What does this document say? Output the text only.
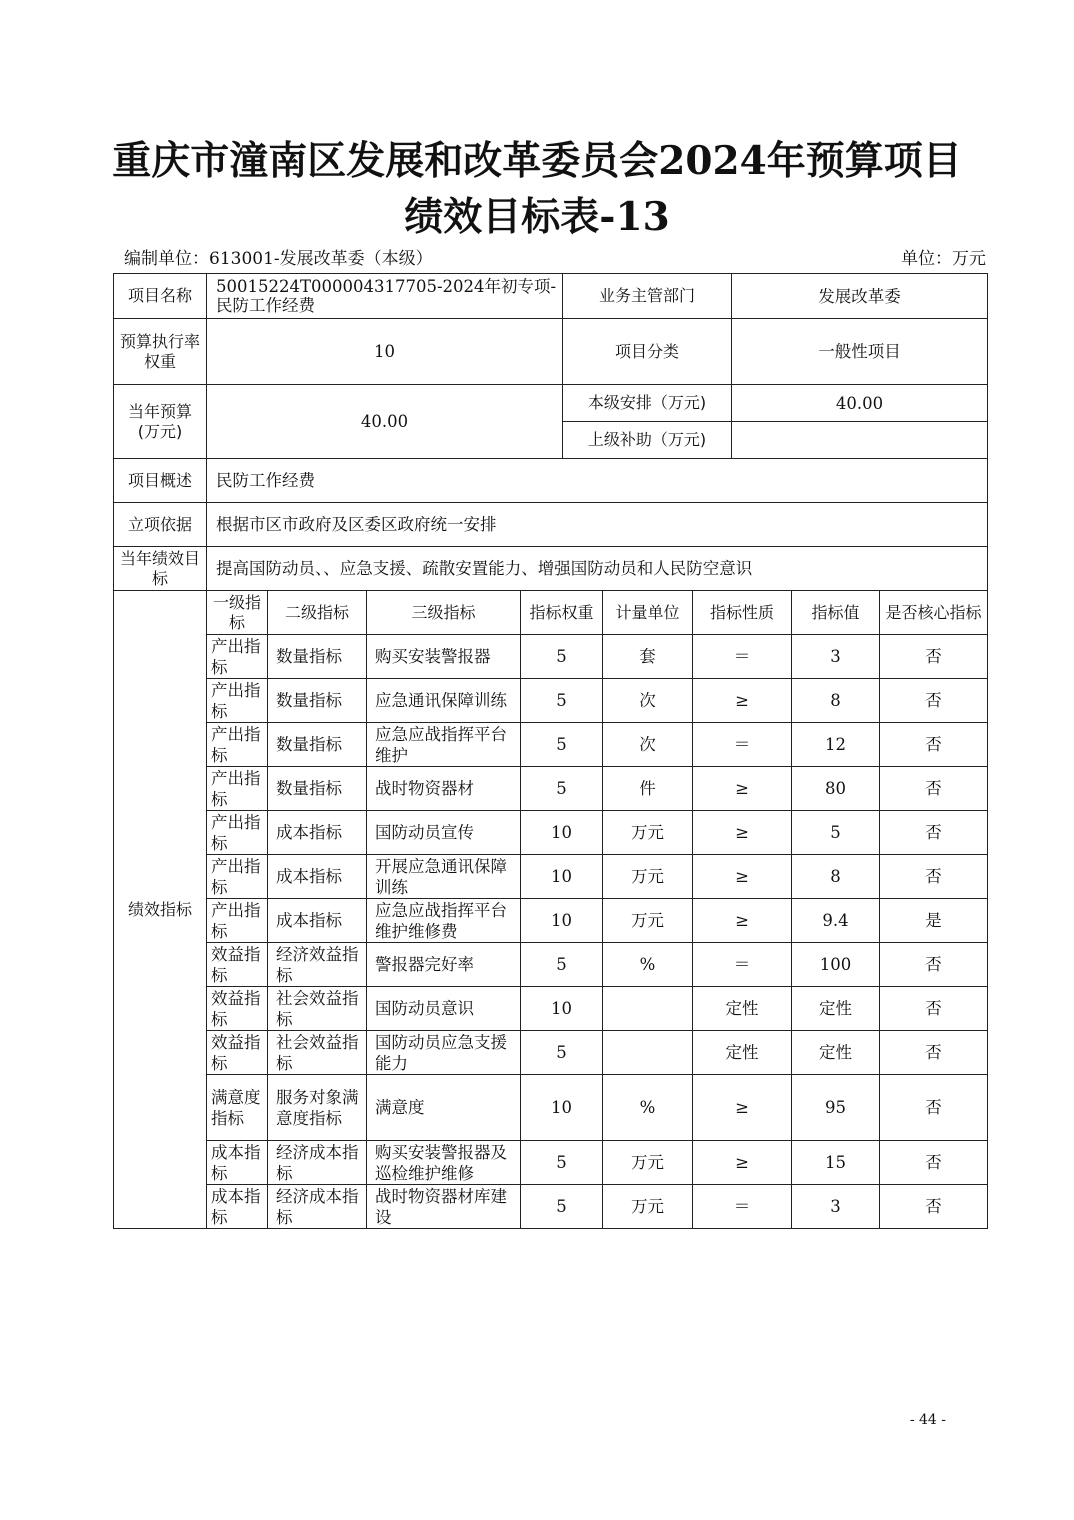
重庆市潼南区发展和改革委员会2024年预算项目
绩效目标表-13
编制单位：613001-发展改革委（本级）	单位：万元
项目名称	50015224T000004317705-2024年初专项-民防工作经费	业务主管部门	发展改革委
预算执行率权重	10	项目分类	一般性项目
当年预算(万元)	40.00	本级安排（万元)	40.00
		上级补助（万元)	
项目概述	民防工作经费		
立项依据	根据市区市政府及区委区政府统一安排		
当年绩效目标	提高国防动员、、应急支援、疏散安置能力、增强国防动员和人民防空意识		
绩效指标	一级指标	二级指标	三级指标	指标权重	计量单位	指标性质	指标值	是否核心指标
	产出指标	数量指标	购买安装警报器	5	套	＝	3	否
	产出指标	数量指标	应急通讯保障训练	5	次	≥	8	否
	产出指标	数量指标	应急应战指挥平台维护	5	次	＝	12	否
	产出指标	数量指标	战时物资器材	5	件	≥	80	否
	产出指标	成本指标	国防动员宣传	10	万元	≥	5	否
	产出指标	成本指标	开展应急通讯保障训练	10	万元	≥	8	否
	产出指标	成本指标	应急应战指挥平台维护维修费	10	万元	≥	9.4	是
	效益指标	经济效益指标	警报器完好率	5	%	＝	100	否
	效益指标	社会效益指标	国防动员意识	10		定性	定性	否
	效益指标	社会效益指标	国防动员应急支援能力	5		定性	定性	否
	满意度指标	服务对象满意度指标	满意度	10	%	≥	95	否
	成本指标	经济成本指标	购买安装警报器及巡检维护维修	5	万元	≥	15	否
	成本指标	经济成本指标	战时物资器材库建设	5	万元	＝	3	否
- 44 -
